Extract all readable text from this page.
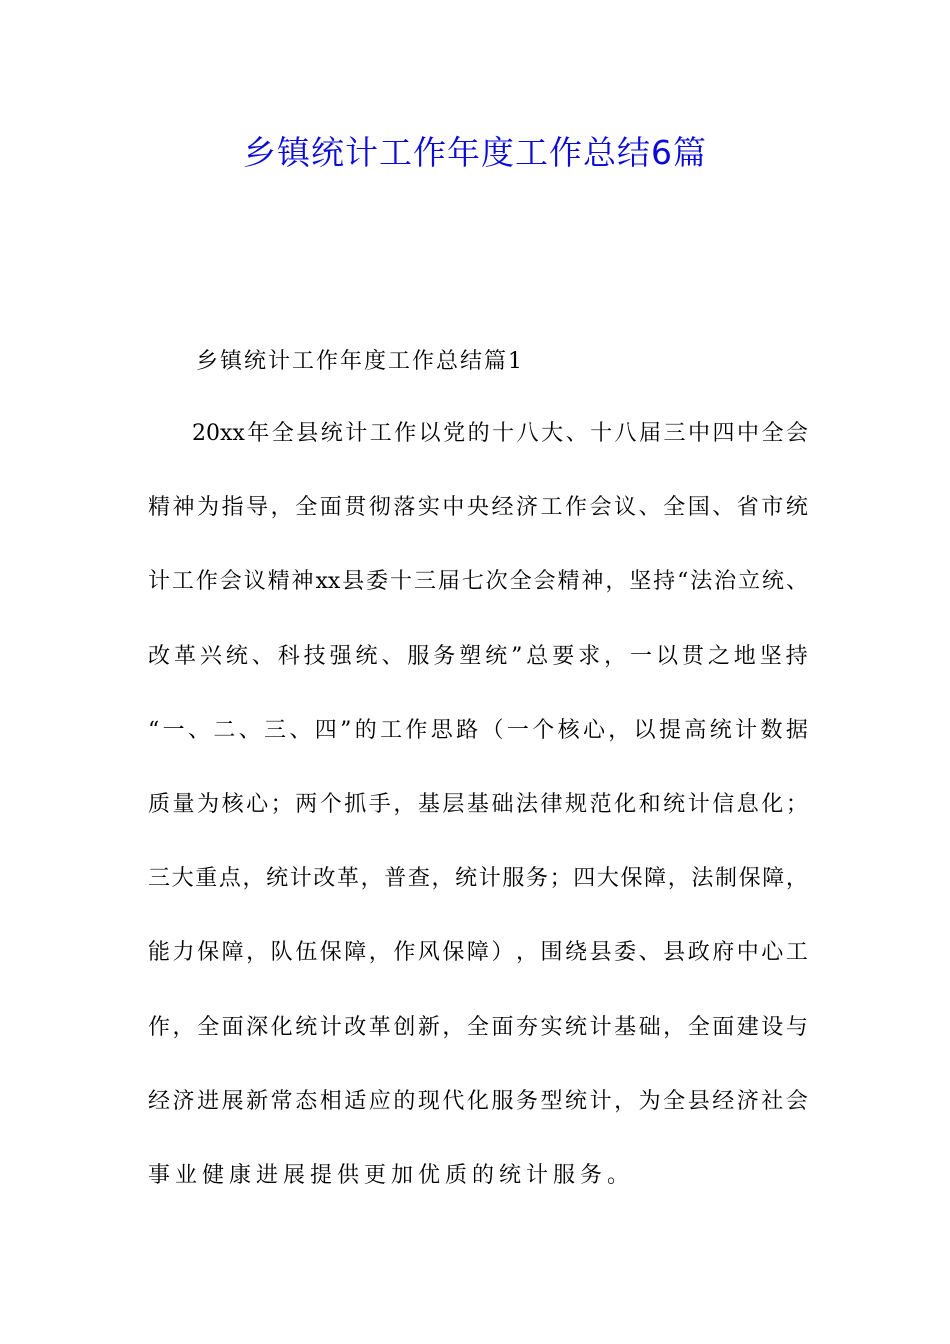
乡镇统计工作年度工作总结6篇
乡镇统计工作年度工作总结篇1
20xx 年 全 县 统 计 工 作 以 党 的 十 八 大 、 十 八 届 三 中 四 中 全 会
精 神 为 指 导 ， 全 面 贯 彻 落 实 中 央 经 济 工 作 会 议 、 全 国 、 省 市 统
计 工 作 会 议 精 神 xx 县 委 十 三 届 七 次 全 会 精 神 ， 坚 持 “ 法 治 立 统 、
改 革 兴 统 、 科 技 强 统 、 服 务 塑 统 ” 总 要 求 ， 一 以 贯 之 地 坚 持
“ 一 、 二 、 三 、 四 ” 的 工 作 思 路 （ 一 个 核 心 ， 以 提 高 统 计 数 据
质 量 为 核 心 ； 两 个 抓 手 ， 基 层 基 础 法 律 规 范 化 和 统 计 信 息 化 ；
三 大 重 点 ， 统 计 改 革 ， 普 查 ， 统 计 服 务 ； 四 大 保 障 ， 法 制 保 障 ，
能 力 保 障 ， 队 伍 保 障 ， 作 风 保 障 ） ， 围 绕 县 委 、 县 政 府 中 心 工
作 ， 全 面 深 化 统 计 改 革 创 新 ， 全 面 夯 实 统 计 基 础 ， 全 面 建 设 与
经 济 进 展 新 常 态 相 适 应 的 现 代 化 服 务 型 统 计 ， 为 全 县 经 济 社 会
事业健康进展提供更加优质的统计服务。
